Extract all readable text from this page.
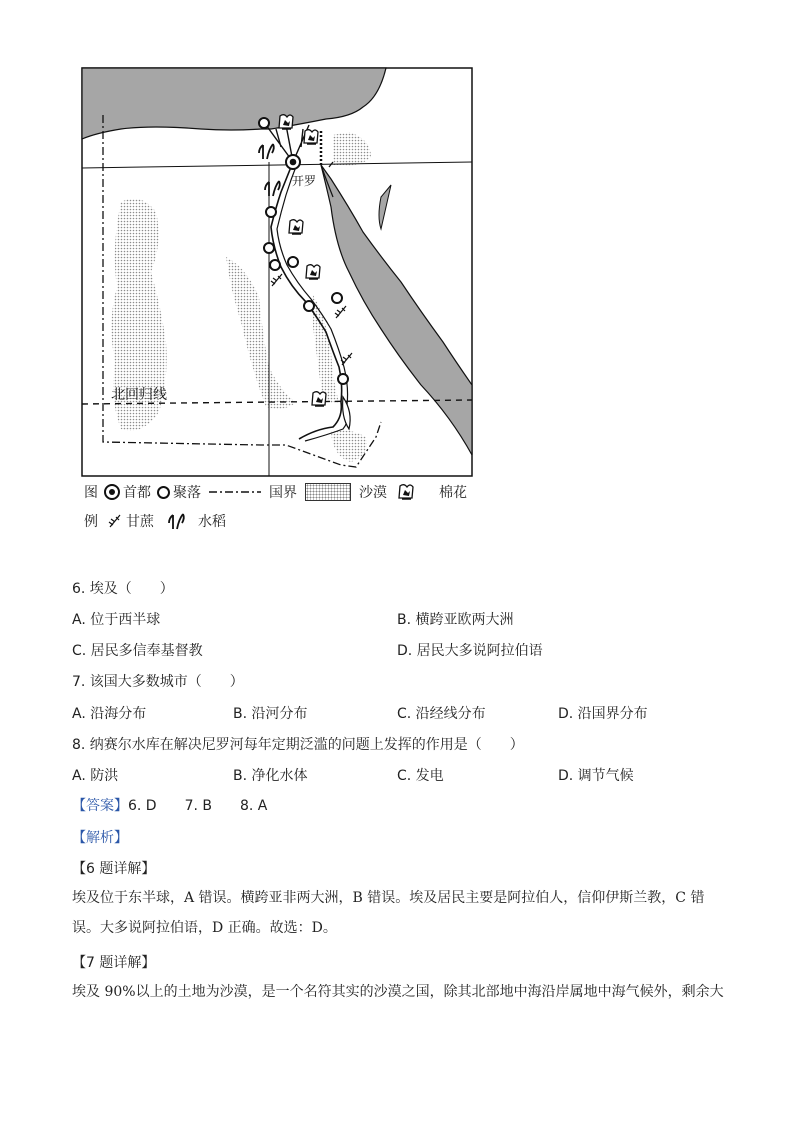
北回归线
开罗
图 首都 聚落	国界	沙漠	棉花
例 甘蔗	水稻
6. 埃及（　　）
A. 位于西半球	B. 横跨亚欧两大洲
C. 居民多信奉基督教	D. 居民大多说阿拉伯语
7. 该国大多数城市（　　）
A. 沿海分布	B. 沿河分布	C. 沿经线分布	D. 沿国界分布
8. 纳赛尔水库在解决尼罗河每年定期泛滥的问题上发挥的作用是（　　）
A. 防洪	B. 净化水体	C. 发电	D. 调节气候
【答案】6. D　　7. B　　8. A
【解析】
【6 题详解】
埃及位于东半球，A 错误。横跨亚非两大洲，B 错误。埃及居民主要是阿拉伯人，信仰伊斯兰教，C 错误。大多说阿拉伯语，D 正确。故选：D。
【7 题详解】
埃及 90%以上的土地为沙漠，是一个名符其实的沙漠之国，除其北部地中海沿岸属地中海气候外，剩余大
